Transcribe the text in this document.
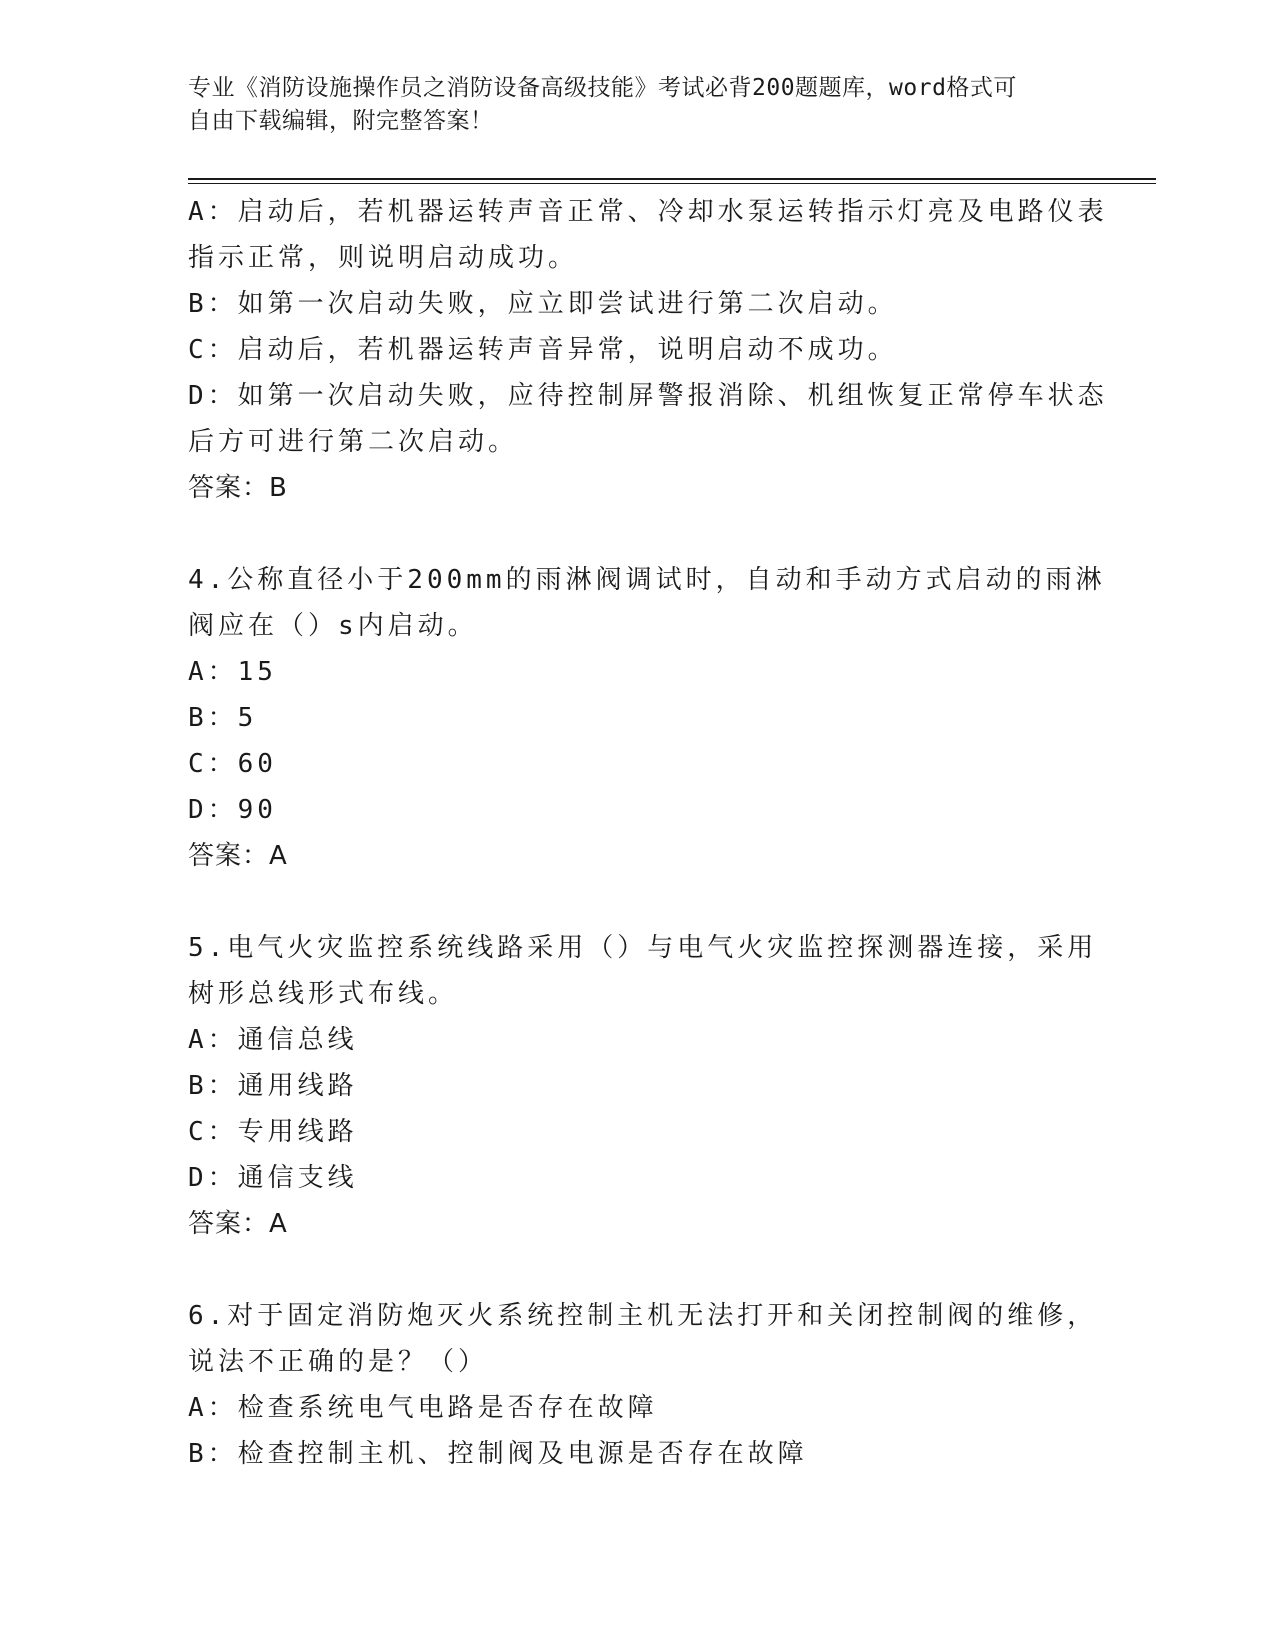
专业《消防设施操作员之消防设备高级技能》考试必背200题题库，word格式可
自由下载编辑，附完整答案！
A：启动后，若机器运转声音正常、冷却水泵运转指示灯亮及电路仪表
指示正常，则说明启动成功。
B：如第一次启动失败，应立即尝试进行第二次启动。
C：启动后，若机器运转声音异常，说明启动不成功。
D：如第一次启动失败，应待控制屏警报消除、机组恢复正常停车状态
后方可进行第二次启动。
答案：B
4.公称直径小于200mm的雨淋阀调试时，自动和手动方式启动的雨淋
阀应在（）s内启动。
A：15
B：5
C：60
D：90
答案：A
5.电气火灾监控系统线路采用（）与电气火灾监控探测器连接，采用
树形总线形式布线。
A：通信总线
B：通用线路
C：专用线路
D：通信支线
答案：A
6.对于固定消防炮灭火系统控制主机无法打开和关闭控制阀的维修，
说法不正确的是？（）
A：检查系统电气电路是否存在故障
B：检查控制主机、控制阀及电源是否存在故障
